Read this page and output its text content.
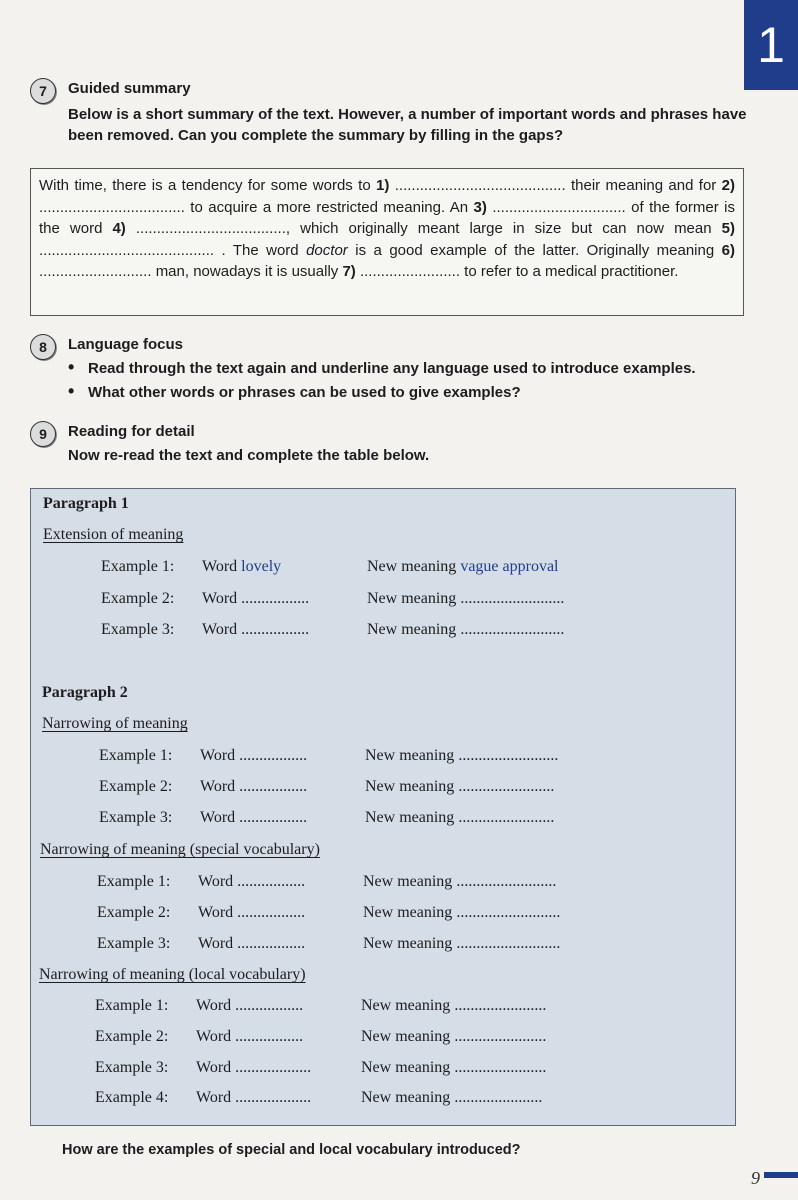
1
7	Guided summary
Below is a short summary of the text. However, a number of important words and phrases have been removed. Can you complete the summary by filling in the gaps?
With time, there is a tendency for some words to 1) ......................................... their meaning and for 2) ................................... to acquire a more restricted meaning. An 3) ................................ of the former is the word 4) ...................................., which originally meant large in size but can now mean 5) .......................................... . The word doctor is a good example of the latter. Originally meaning 6) ........................... man, nowadays it is usually 7) ........................ to refer to a medical practitioner.
8	Language focus
• Read through the text again and underline any language used to introduce examples.
• What other words or phrases can be used to give examples?
9	Reading for detail
Now re-read the text and complete the table below.
Paragraph 1
Extension of meaning
Example 1: Word lovely	New meaning vague approval
Example 2: Word .................	New meaning ..........................
Example 3: Word .................	New meaning ..........................
Paragraph 2
Narrowing of meaning
Example 1: Word .................	New meaning .........................
Example 2: Word .................	New meaning ........................
Example 3: Word .................	New meaning ........................
Narrowing of meaning (special vocabulary)
Example 1: Word .................	New meaning .........................
Example 2: Word .................	New meaning ..........................
Example 3: Word .................	New meaning ..........................
Narrowing of meaning (local vocabulary)
Example 1: Word .................	New meaning .......................
Example 2: Word .................	New meaning .......................
Example 3: Word ...................	New meaning .......................
Example 4: Word ...................	New meaning ......................
How are the examples of special and local vocabulary introduced?
9
